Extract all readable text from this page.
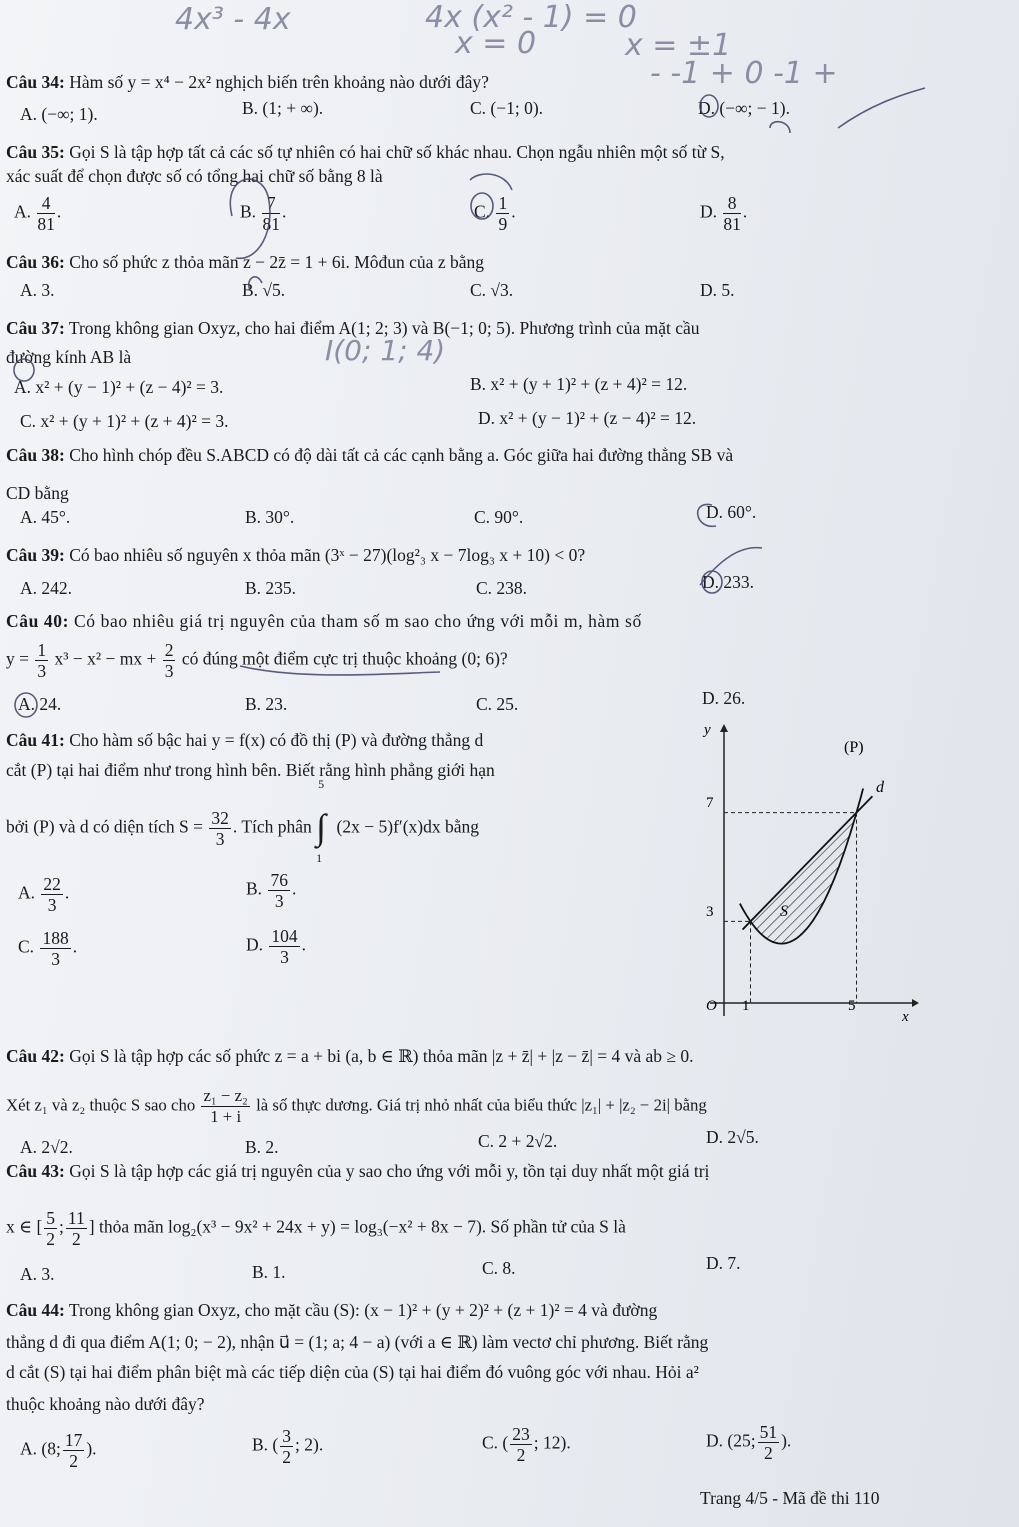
4x³ - 4x	4x (x² - 1) = 0
x = 0	x = ±1
- -1 + 0 -1 +
I(0; 1; 4)
Câu 34: Hàm số y = x⁴ − 2x² nghịch biến trên khoảng nào dưới đây?
A. (−∞; 1).	B. (1; + ∞).	C. (−1; 0).	D. (−∞; − 1).
Câu 35: Gọi S là tập hợp tất cả các số tự nhiên có hai chữ số khác nhau. Chọn ngẫu nhiên một số từ S,
xác suất để chọn được số có tổng hai chữ số bằng 8 là
A. $\frac{4}{81}$ .	B. $\frac{7}{81}$ .	C. $\frac{1}{9}$ .	D. $\frac{8}{81}$ .
Câu 36: Cho số phức z thỏa mãn z − 2z̄ = 1 + 6i. Môđun của z bằng
A. 3.	B. √5.	C. √3.	D. 5.
Câu 37: Trong không gian Oxyz, cho hai điểm A(1; 2; 3) và B(−1; 0; 5). Phương trình của mặt cầu
đường kính AB là
A. x² + (y − 1)² + (z − 4)² = 3.	B. x² + (y + 1)² + (z + 4)² = 12.
C. x² + (y + 1)² + (z + 4)² = 3.	D. x² + (y − 1)² + (z − 4)² = 12.
Câu 38: Cho hình chóp đều S.ABCD có độ dài tất cả các cạnh bằng a. Góc giữa hai đường thẳng SB và
CD bằng
A. 45°.	B. 30°.	C. 90°.	D. 60°.
Câu 39: Có bao nhiêu số nguyên x thỏa mãn (3ˣ − 27)(log²₃ x − 7log₃ x + 10) < 0?
A. 242.	B. 235.	C. 238.	D. 233.
Câu 40: Có bao nhiêu giá trị nguyên của tham số m sao cho ứng với mỗi m, hàm số
$y = \frac{1}{3} x^3 - x^2$ − mx + $\frac{2}{3}$ có đúng một điểm cực trị thuộc khoảng (0; 6)?
A. 24.	B. 23.	C. 25.	D. 26.
Câu 41: Cho hàm số bậc hai y = f(x) có đồ thị (P) và đường thẳng d
cắt (P) tại hai điểm như trong hình bên. Biết rằng hình phẳng giới hạn
bởi (P) và d có diện tích $S = \frac{32}{3}$ . Tích phân
5
∫
1
(2x − 5)f′(x)dx bằng
A. $\frac{22}{3}$ .	B. $\frac{76}{3}$ .
C. $\frac{188}{3}$ .	D. $\frac{104}{3}$ .
y
x
O
(P)
d
S
7
3
1	5
Câu 42: Gọi S là tập hợp các số phức z = a + bi (a, b ∈ ℝ) thỏa mãn |z + z̄| + |z − z̄| = 4 và ab ≥ 0.
Xét z₁ và z₂ thuộc S sao cho $\frac{\text{z₁ − z₂}}{1 + i}$ là số thực dương. Giá trị nhỏ nhất của biểu thức |z₁| + |z₂ − 2i| bằng
A. 2√2.	B. 2.	C. 2 + 2√2.	D. 2√5.
Câu 43: Gọi S là tập hợp các giá trị nguyên của y sao cho ứng với mỗi y, tồn tại duy nhất một giá trị
x ∈ [ $\frac{5}{2}$ ; $\frac{11}{2}$ ] thỏa mãn log₂(x³ − 9x² + 24x + y) = log₃(−x² + 8x − 7). Số phần tử của S là
A. 3.	B. 1.	C. 8.	D. 7.
Câu 44: Trong không gian Oxyz, cho mặt cầu (S): (x − 1)² + (y + 2)² + (z + 1)² = 4 và đường
thẳng d đi qua điểm A(1; 0; − 2), nhận u⃗ = (1; a; 4 − a) (với a ∈ ℝ) làm vectơ chỉ phương. Biết rằng
d cắt (S) tại hai điểm phân biệt mà các tiếp diện của (S) tại hai điểm đó vuông góc với nhau. Hỏi a²
thuộc khoảng nào dưới đây?
A. (8; $\frac{17}{2}$ ).	B. ( $\frac{3}{2}$ ; 2).	C. ( $\frac{23}{2}$ ; 12).	D. (25; $\frac{51}{2}$ ).
Trang 4/5 - Mã đề thi 110
